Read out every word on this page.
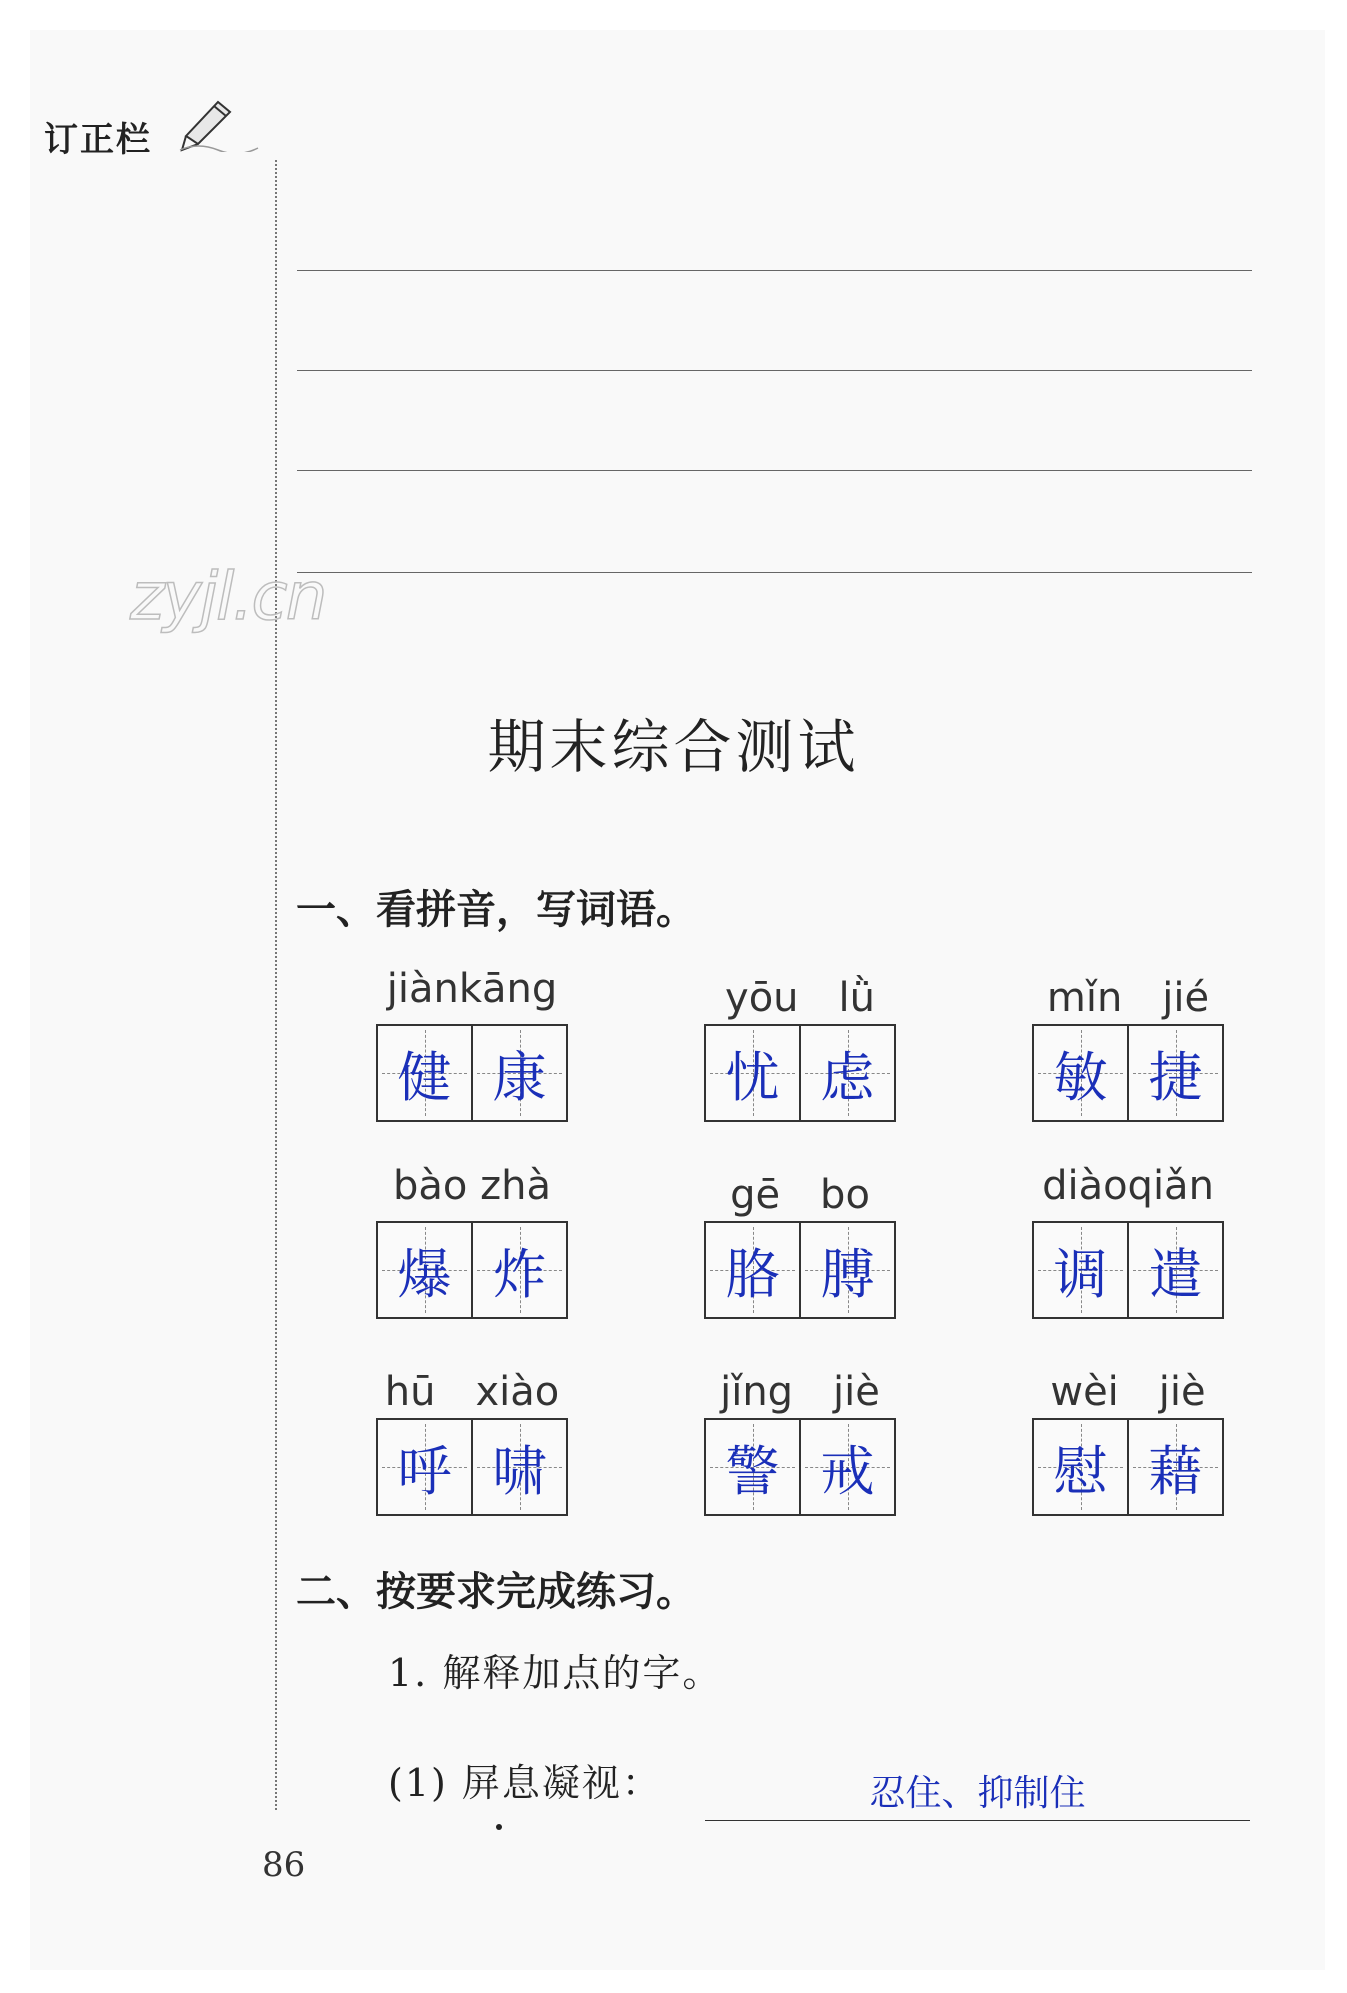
订正栏
zyjl.cn
期末综合测试
一、看拼音，写词语。
jiànkāng
健 康
yōu　lǜ
忧 虑
mǐn　jié
敏 捷
bào zhà
爆 炸
gē　bo
胳 膊
diàoqiǎn
调 遣
hū　xiào
呼 啸
jǐng　jiè
警 戒
wèi　jiè
慰 藉
二、按要求完成练习。
1. 解释加点的字。
(1) 屏息凝视：	忍住、抑制住
86
